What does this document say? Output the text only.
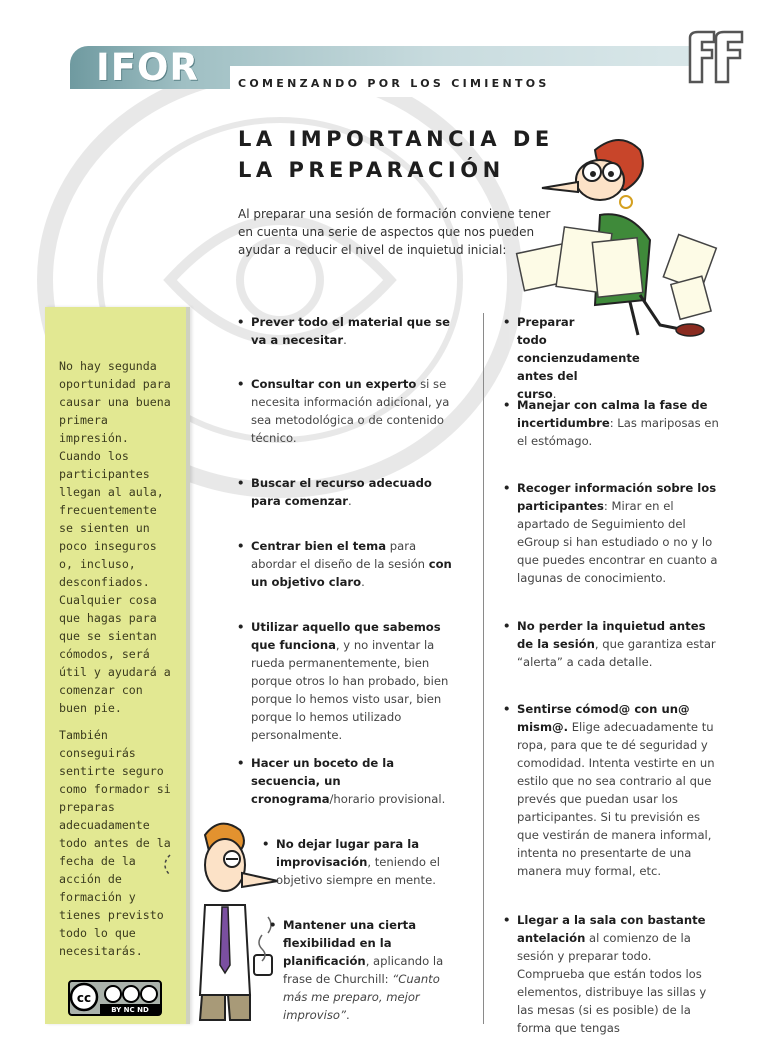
IFOR	COMENZANDO POR LOS CIMIENTOS
LA IMPORTANCIA DE
LA PREPARACIÓN

Al preparar una sesión de formación conviene tener en cuenta una serie de aspectos que nos pueden ayudar a reducir el nivel de inquietud inicial:

No hay segunda oportunidad para causar una buena primera impresión. Cuando los participantes llegan al aula, frecuentemente se sienten un poco inseguros o, incluso, desconfiados. Cualquier cosa que hagas para que se sientan cómodos, será útil y ayudará a comenzar con buen pie.

También conseguirás sentirte seguro como formador si preparas adecuadamente todo antes de la fecha de la acción de formación y tienes previsto todo lo que necesitarás.

cc
BY NC ND
• Prever todo el material que se va a necesitar.
• Consultar con un experto si se necesita información adicional, ya sea metodológica o de contenido técnico.
• Buscar el recurso adecuado para comenzar.
• Centrar bien el tema para abordar el diseño de la sesión con un objetivo claro.
• Utilizar aquello que sabemos que funciona, y no inventar la rueda permanentemente, bien porque otros lo han probado, bien porque lo hemos visto usar, bien porque lo hemos utilizado personalmente.
• Hacer un boceto de la secuencia, un cronograma/horario provisional.
• No dejar lugar para la improvisación, teniendo el objetivo siempre en mente.
• Mantener una cierta flexibilidad en la planificación, aplicando la frase de Churchill: “Cuanto más me preparo, mejor improviso”.
• Preparar todo concienzudamente antes del curso.
• Manejar con calma la fase de incertidumbre: Las mariposas en el estómago.
• Recoger información sobre los participantes: Mirar en el apartado de Seguimiento del eGroup si han estudiado o no y lo que puedes encontrar en cuanto a lagunas de conocimiento.
• No perder la inquietud antes de la sesión, que garantiza estar “alerta” a cada detalle.
• Sentirse cómod@ con un@ mism@. Elige adecuadamente tu ropa, para que te dé seguridad y comodidad. Intenta vestirte en un estilo que no sea contrario al que prevés que puedan usar los participantes. Si tu previsión es que vestirán de manera informal, intenta no presentarte de una manera muy formal, etc.
• Llegar a la sala con bastante antelación al comienzo de la sesión y preparar todo. Comprueba que están todos los elementos, distribuye las sillas y las mesas (si es posible) de la forma que tengas
